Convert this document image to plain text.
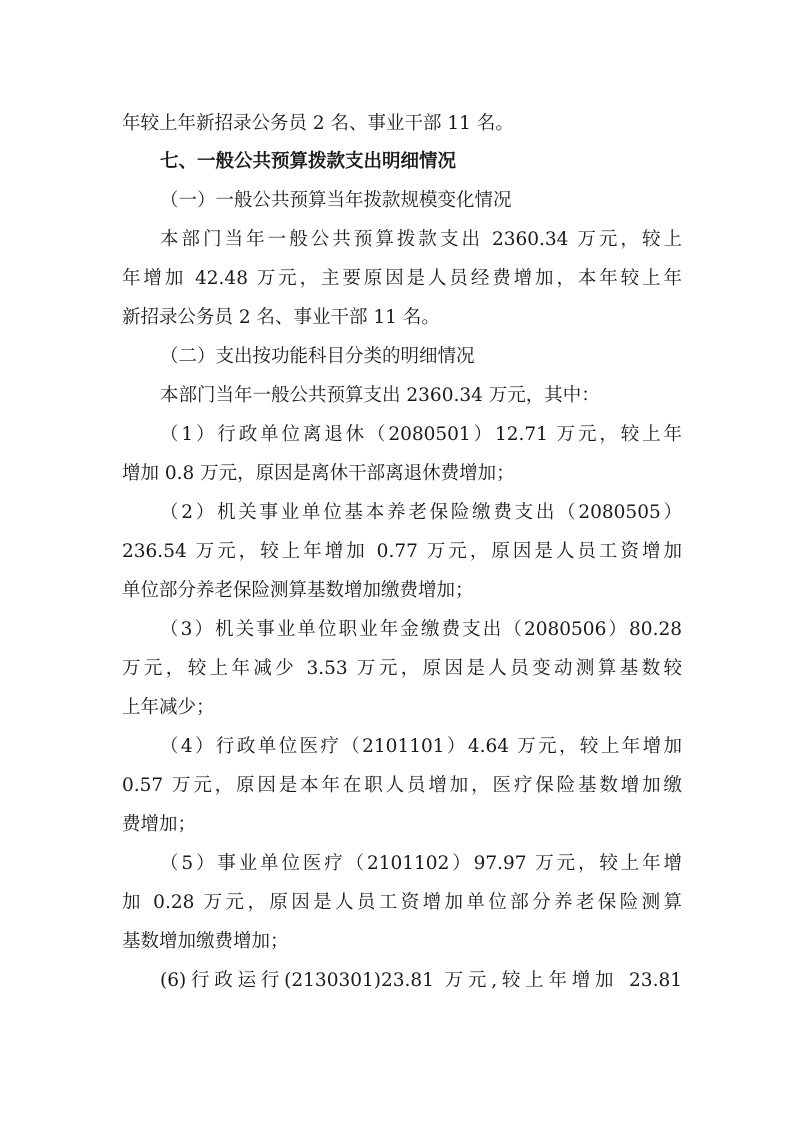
年较上年新招录公务员 2 名、事业干部 11 名。
七、一般公共预算拨款支出明细情况
（一）一般公共预算当年拨款规模变化情况
本部门当年一般公共预算拨款支出 2360.34 万元，较上
年增加 42.48 万元，主要原因是人员经费增加，本年较上年
新招录公务员 2 名、事业干部 11 名。
（二）支出按功能科目分类的明细情况
本部门当年一般公共预算支出 2360.34 万元，其中：
（1）行政单位离退休（2080501）12.71 万元，较上年
增加 0.8 万元，原因是离休干部离退休费增加；
（2）机关事业单位基本养老保险缴费支出（2080505）
236.54 万元，较上年增加 0.77 万元，原因是人员工资增加
单位部分养老保险测算基数增加缴费增加；
（3）机关事业单位职业年金缴费支出（2080506）80.28
万元，较上年减少 3.53 万元，原因是人员变动测算基数较
上年减少；
（4）行政单位医疗（2101101）4.64 万元，较上年增加
0.57 万元，原因是本年在职人员增加，医疗保险基数增加缴
费增加；
（5）事业单位医疗（2101102）97.97 万元，较上年增
加 0.28 万元，原因是人员工资增加单位部分养老保险测算
基数增加缴费增加；
(6)行政运行(2130301)23.81 万元,较上年增加 23.81
